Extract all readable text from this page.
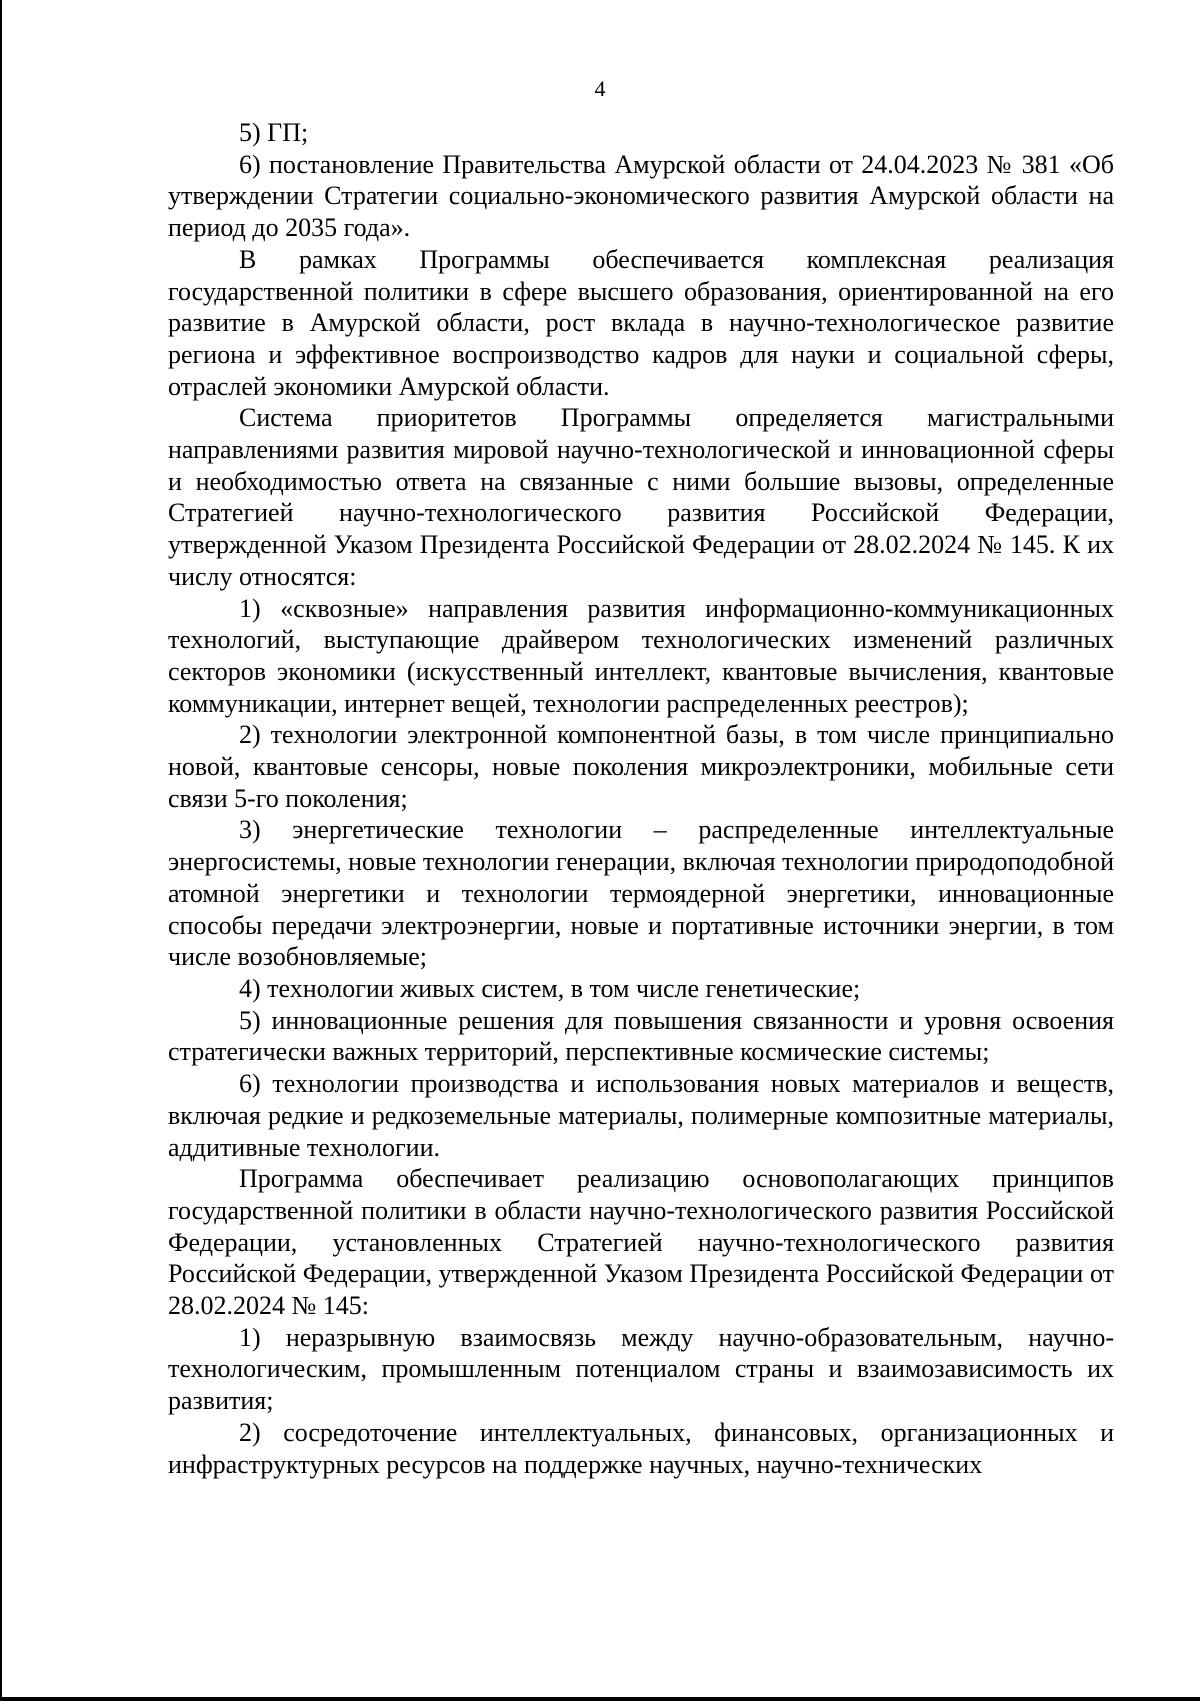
4

5) ГП;

6) постановление Правительства Амурской области от 24.04.2023 № 381 «Об утверждении Стратегии социально-экономического развития Амурской области на период до 2035 года».

В рамках Программы обеспечивается комплексная реализация государственной политики в сфере высшего образования, ориентированной на его развитие в Амурской области, рост вклада в научно-технологическое развитие региона и эффективное воспроизводство кадров для науки и социальной сферы, отраслей экономики Амурской области.

Система приоритетов Программы определяется магистральными направлениями развития мировой научно-технологической и инновационной сферы и необходимостью ответа на связанные с ними большие вызовы, определенные Стратегией научно-технологического развития Российской Федерации, утвержденной Указом Президента Российской Федерации от 28.02.2024 № 145. К их числу относятся:

1) «сквозные» направления развития информационно-коммуникационных технологий, выступающие драйвером технологических изменений различных секторов экономики (искусственный интеллект, квантовые вычисления, квантовые коммуникации, интернет вещей, технологии распределенных реестров);

2) технологии электронной компонентной базы, в том числе принципиально новой, квантовые сенсоры, новые поколения микроэлектроники, мобильные сети связи 5-го поколения;

3) энергетические технологии – распределенные интеллектуальные энергосистемы, новые технологии генерации, включая технологии природоподобной атомной энергетики и технологии термоядерной энергетики, инновационные способы передачи электроэнергии, новые и портативные источники энергии, в том числе возобновляемые;

4) технологии живых систем, в том числе генетические;

5) инновационные решения для повышения связанности и уровня освоения стратегически важных территорий, перспективные космические системы;

6) технологии производства и использования новых материалов и веществ, включая редкие и редкоземельные материалы, полимерные композитные материалы, аддитивные технологии.

Программа обеспечивает реализацию основополагающих принципов государственной политики в области научно-технологического развития Российской Федерации, установленных Стратегией научно-технологического развития Российской Федерации, утвержденной Указом Президента Российской Федерации от 28.02.2024 № 145:

1) неразрывную взаимосвязь между научно-образовательным, научно-технологическим, промышленным потенциалом страны и взаимозависимость их развития;

2) сосредоточение интеллектуальных, финансовых, организационных и инфраструктурных ресурсов на поддержке научных, научно-технических
